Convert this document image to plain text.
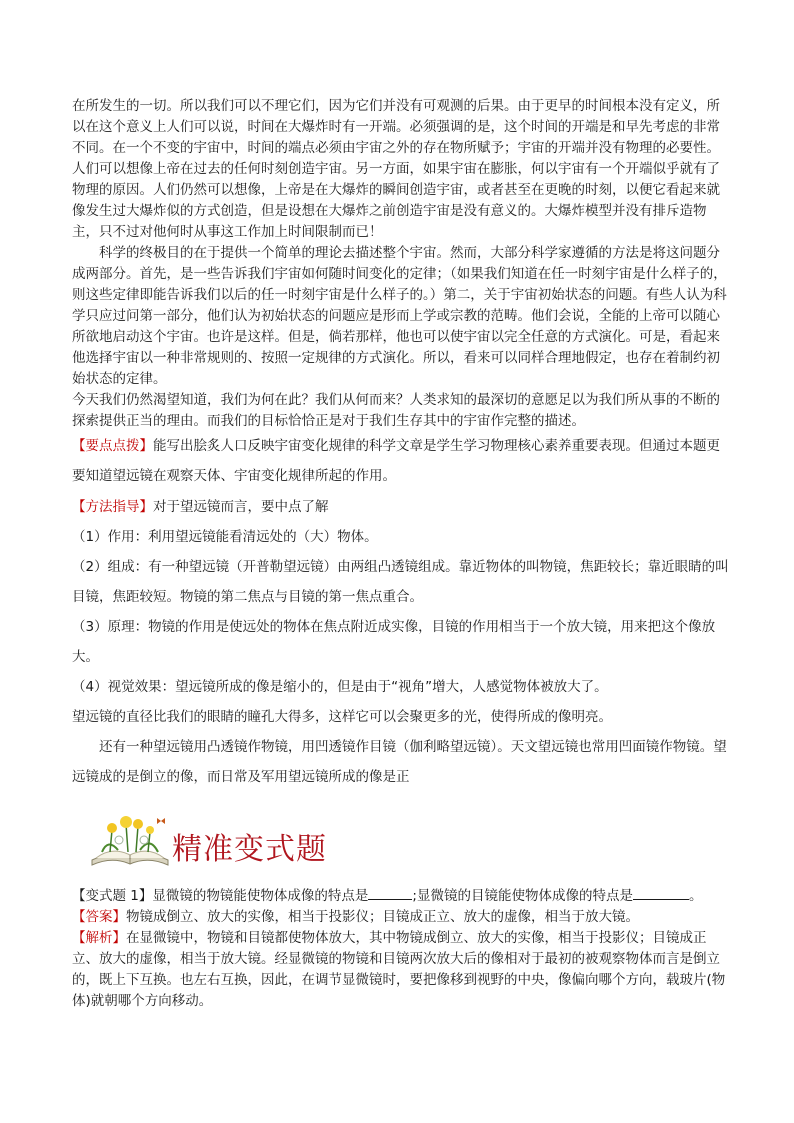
在所发生的一切。所以我们可以不理它们，因为它们并没有可观测的后果。由于更早的时间根本没有定义，所以在这个意义上人们可以说，时间在大爆炸时有一开端。必须强调的是，这个时间的开端是和早先考虑的非常不同。在一个不变的宇宙中，时间的端点必须由宇宙之外的存在物所赋予；宇宙的开端并没有物理的必要性。人们可以想像上帝在过去的任何时刻创造宇宙。另一方面，如果宇宙在膨胀，何以宇宙有一个开端似乎就有了物理的原因。人们仍然可以想像，上帝是在大爆炸的瞬间创造宇宙，或者甚至在更晚的时刻，以便它看起来就像发生过大爆炸似的方式创造，但是设想在大爆炸之前创造宇宙是没有意义的。大爆炸模型并没有排斥造物主，只不过对他何时从事这工作加上时间限制而已！

科学的终极目的在于提供一个简单的理论去描述整个宇宙。然而，大部分科学家遵循的方法是将这问题分成两部分。首先，是一些告诉我们宇宙如何随时间变化的定律；（如果我们知道在任一时刻宇宙是什么样子的，则这些定律即能告诉我们以后的任一时刻宇宙是什么样子的。）第二，关于宇宙初始状态的问题。有些人认为科学只应过问第一部分，他们认为初始状态的问题应是形而上学或宗教的范畴。他们会说，全能的上帝可以随心所欲地启动这个宇宙。也许是这样。但是，倘若那样，他也可以使宇宙以完全任意的方式演化。可是，看起来他选择宇宙以一种非常规则的、按照一定规律的方式演化。所以，看来可以同样合理地假定，也存在着制约初始状态的定律。

今天我们仍然渴望知道，我们为何在此？我们从何而来？人类求知的最深切的意愿足以为我们所从事的不断的探索提供正当的理由。而我们的目标恰恰正是对于我们生存其中的宇宙作完整的描述。

【要点点拨】能写出脍炙人口反映宇宙变化规律的科学文章是学生学习物理核心素养重要表现。但通过本题更要知道望远镜在观察天体、宇宙变化规律所起的作用。

【方法指导】对于望远镜而言，要中点了解

（1）作用：利用望远镜能看清远处的（大）物体。

（2）组成：有一种望远镜（开普勒望远镜）由两组凸透镜组成。靠近物体的叫物镜，焦距较长；靠近眼睛的叫目镜，焦距较短。物镜的第二焦点与目镜的第一焦点重合。

（3）原理：物镜的作用是使远处的物体在焦点附近成实像，目镜的作用相当于一个放大镜，用来把这个像放大。

（4）视觉效果：望远镜所成的像是缩小的，但是由于“视角”增大，人感觉物体被放大了。

望远镜的直径比我们的眼睛的瞳孔大得多，这样它可以会聚更多的光，使得所成的像明亮。

还有一种望远镜用凸透镜作物镜，用凹透镜作目镜（伽利略望远镜）。天文望远镜也常用凹面镜作物镜。望远镜成的是倒立的像，而日常及军用望远镜所成的像是正

精准变式题

【变式题 1】显微镜的物镜能使物体成像的特点是	;显微镜的目镜能使物体成像的特点是	。

【答案】物镜成倒立、放大的实像，相当于投影仪；目镜成正立、放大的虚像，相当于放大镜。

【解析】在显微镜中，物镜和目镜都使物体放大，其中物镜成倒立、放大的实像，相当于投影仪；目镜成正立、放大的虚像，相当于放大镜。经显微镜的物镜和目镜两次放大后的像相对于最初的被观察物体而言是倒立的，既上下互换。也左右互换，因此，在调节显微镜时，要把像移到视野的中央，像偏向哪个方向，载玻片(物体)就朝哪个方向移动。
